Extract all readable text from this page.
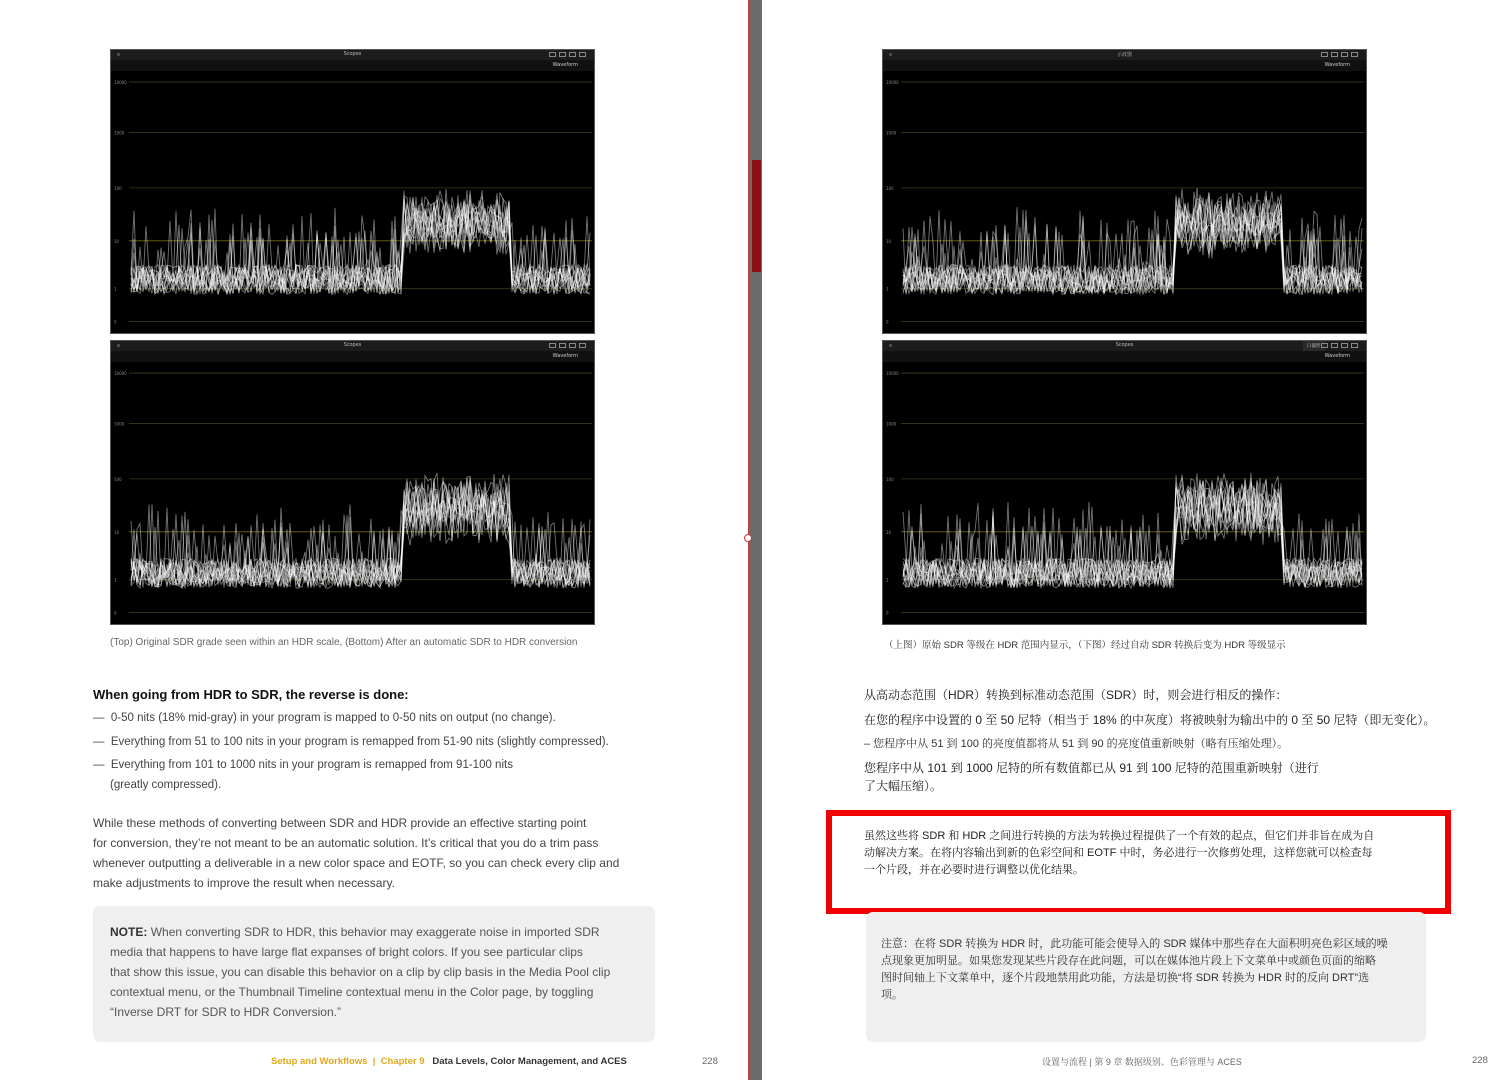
Scopes
Waveform
10000
1000
100
10
1
0
Scopes
Waveform
10000
1000
100
10
1
0
(Top) Original SDR grade seen within an HDR scale, (Bottom) After an automatic SDR to HDR conversion
When going from HDR to SDR, the reverse is done:
— 0-50 nits (18% mid-gray) in your program is mapped to 0-50 nits on output (no change).
— Everything from 51 to 100 nits in your program is remapped from 51-90 nits (slightly compressed).
— Everything from 101 to 1000 nits in your program is remapped from 91-100 nits
(greatly compressed).
While these methods of converting between SDR and HDR provide an effective starting point
for conversion, they’re not meant to be an automatic solution. It’s critical that you do a trim pass
whenever outputting a deliverable in a new color space and EOTF, so you can check every clip and
make adjustments to improve the result when necessary.

NOTE: When converting SDR to HDR, this behavior may exaggerate noise in imported SDR
media that happens to have large flat expanses of bright colors. If you see particular clips
that show this issue, you can disable this behavior on a clip by clip basis in the Media Pool clip
contextual menu, or the Thumbnail Timeline contextual menu in the Color page, by toggling
“Inverse DRT for SDR to HDR Conversion.”

Setup and Workflows | Chapter 9 Data Levels, Color Management, and ACES	228
示波器
Waveform
10000
1000
100
10
1
0
Scopes	口波形
Waveform
10000
1000
100
10
1
0
（上图）原始 SDR 等级在 HDR 范围内显示，（下图）经过自动 SDR 转换后变为 HDR 等级显示
从高动态范围（HDR）转换到标准动态范围（SDR）时，则会进行相反的操作：
在您的程序中设置的 0 至 50 尼特（相当于 18% 的中灰度）将被映射为输出中的 0 至 50 尼特（即无变化）。
– 您程序中从 51 到 100 的亮度值都将从 51 到 90 的亮度值重新映射（略有压缩处理）。
您程序中从 101 到 1000 尼特的所有数值都已从 91 到 100 尼特的范围重新映射（进行
了大幅压缩）。

虽然这些将 SDR 和 HDR 之间进行转换的方法为转换过程提供了一个有效的起点，但它们并非旨在成为自
动解决方案。在将内容输出到新的色彩空间和 EOTF 中时，务必进行一次修剪处理，这样您就可以检查每
一个片段，并在必要时进行调整以优化结果。

注意：在将 SDR 转换为 HDR 时，此功能可能会使导入的 SDR 媒体中那些存在大面积明亮色彩区域的噪
点现象更加明显。如果您发现某些片段存在此问题，可以在媒体池片段上下文菜单中或颜色页面的缩略
图时间轴上下文菜单中，逐个片段地禁用此功能，方法是切换“将 SDR 转换为 HDR 时的反向 DRT”选
项。

设置与流程 | 第 9 章 数据级别、色彩管理与 ACES	228
